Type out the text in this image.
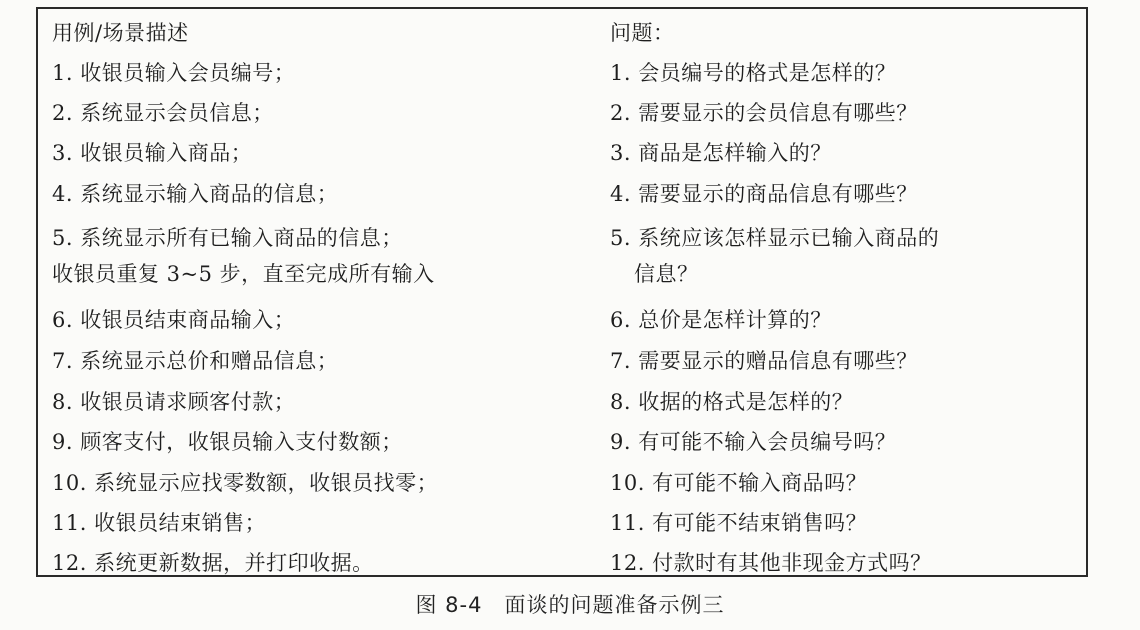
用例/场景描述
1. 收银员输入会员编号；
2. 系统显示会员信息；
3. 收银员输入商品；
4. 系统显示输入商品的信息；
5. 系统显示所有已输入商品的信息；
收银员重复 3~5 步，直至完成所有输入
6. 收银员结束商品输入；
7. 系统显示总价和赠品信息；
8. 收银员请求顾客付款；
9. 顾客支付，收银员输入支付数额；
10. 系统显示应找零数额，收银员找零；
11. 收银员结束销售；
12. 系统更新数据，并打印收据。
问题：
1. 会员编号的格式是怎样的？
2. 需要显示的会员信息有哪些？
3. 商品是怎样输入的？
4. 需要显示的商品信息有哪些？
5. 系统应该怎样显示已输入商品的
信息？
6. 总价是怎样计算的？
7. 需要显示的赠品信息有哪些？
8. 收据的格式是怎样的？
9. 有可能不输入会员编号吗？
10. 有可能不输入商品吗？
11. 有可能不结束销售吗？
12. 付款时有其他非现金方式吗？
图 8-4　面谈的问题准备示例三
